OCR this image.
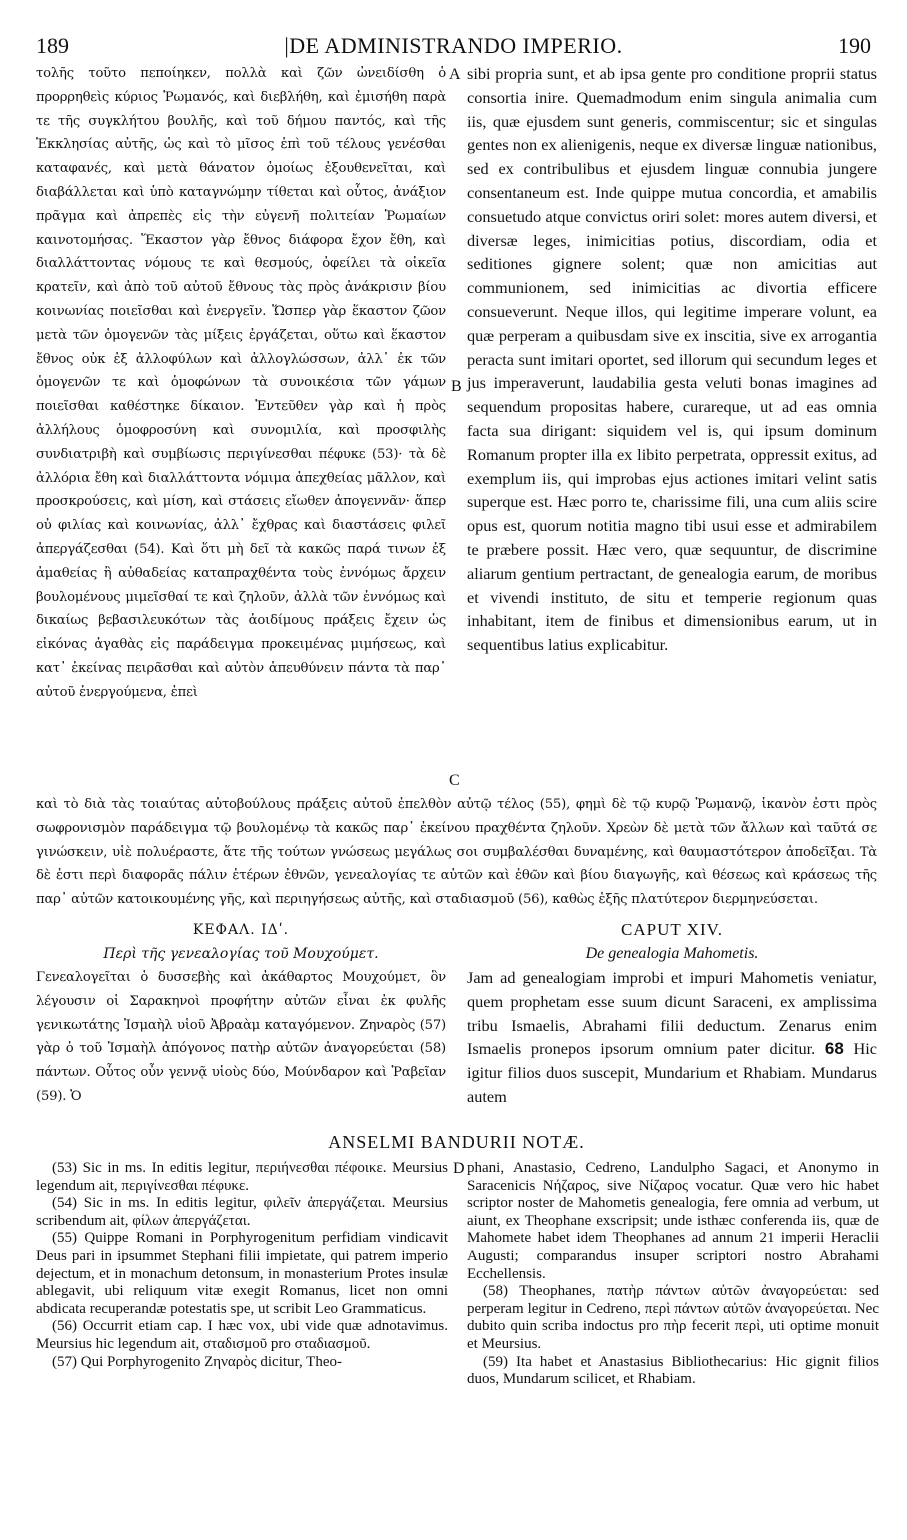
189	|DE ADMINISTRANDO IMPERIO.	190
τολῆς τοῦτο πεποίηκεν, πολλὰ καὶ ζῶν ὠνειδίσθη ὁ προρρηθεὶς κύριος Ῥωμανός, καὶ διεβλήθη, καὶ ἐμισήθη παρὰ τε τῆς συγκλήτου βουλῆς, καὶ τοῦ δήμου παντός, καὶ τῆς Ἐκκλησίας αὐτῆς, ὡς καὶ τὸ μῖσος ἐπὶ τοῦ τέλους γενέσθαι καταφανές, καὶ μετὰ θάνατον ὁμοίως ἐξουθενεῖται, καὶ διαβάλλεται καὶ ὑπὸ καταγνώμην τίθεται καὶ οὗτος, ἀνάξιον πρᾶγμα καὶ ἀπρεπὲς εἰς τὴν εὐγενῆ πολιτείαν Ῥωμαίων καινοτομήσας. Ἕκαστον γὰρ ἔθνος διάφορα ἔχον ἔθη, καὶ διαλλάττοντας νόμους τε καὶ θεσμούς, ὀφείλει τὰ οἰκεῖα κρατεῖν, καὶ ἀπὸ τοῦ αὐτοῦ ἔθνους τὰς πρὸς ἀνάκρισιν βίου κοινωνίας ποιεῖσθαι καὶ ἐνεργεῖν. Ὥσπερ γὰρ ἕκαστον ζῶον μετὰ τῶν ὁμογενῶν τὰς μίξεις ἐργάζεται, οὕτω καὶ ἕκαστον ἔθνος οὐκ ἐξ ἀλλοφύλων καὶ ἀλλογλώσσων, ἀλλ᾽ ἐκ τῶν ὁμογενῶν τε καὶ ὁμοφώνων τὰ συνοικέσια τῶν γάμων ποιεῖσθαι καθέστηκε δίκαιον. Ἐντεῦθεν γὰρ καὶ ἡ πρὸς ἀλλήλους ὁμοφροσύνη καὶ συνομιλία, καὶ προσφιλὴς συνδιατριβὴ καὶ συμβίωσις περιγίνεσθαι πέφυκε (53)· τὰ δὲ ἀλλόρια ἔθη καὶ διαλλάττοντα νόμιμα ἀπεχθείας μᾶλλον, καὶ προσκρούσεις, καὶ μίση, καὶ στάσεις εἴωθεν ἀπογεννᾶν· ἅπερ οὐ φιλίας καὶ κοινωνίας, ἀλλ᾽ ἔχθρας καὶ διαστάσεις φιλεῖ ἀπεργάζεσθαι (54). Καὶ ὅτι μὴ δεῖ τὰ κακῶς παρά τινων ἐξ ἀμαθείας ἢ αὐθαδείας καταπραχθέντα τοὺς ἐννόμως ἄρχειν βουλομένους μιμεῖσθαί τε καὶ ζηλοῦν, ἀλλὰ τῶν ἐννόμως καὶ δικαίως βεβασιλευκότων τὰς ἀοιδίμους πράξεις ἔχειν ὡς εἰκόνας ἀγαθὰς εἰς παράδειγμα προκειμένας μιμήσεως, καὶ κατ᾽ ἐκείνας πειρᾶσθαι καὶ αὐτὸν ἀπευθύνειν πάντα τὰ παρ᾽ αὐτοῦ ἐνεργούμενα, ἐπεὶ
sibi propria sunt, et ab ipsa gente pro conditione proprii status consortia inire. Quemadmodum enim singula animalia cum iis, quæ ejusdem sunt generis, commiscentur; sic et singulas gentes non ex alienigenis, neque ex diversæ linguæ nationibus, sed ex contribulibus et ejusdem linguæ connubia jungere consentaneum est. Inde quippe mutua concordia, et amabilis consuetudo atque convictus oriri solet: mores autem diversi, et diversæ leges, inimicitias potius, discordiam, odia et seditiones gignere solent; quæ non amicitias aut communionem, sed inimicitias ac divortia efficere consueverunt. Neque illos, qui legitime imperare volunt, ea quæ perperam a quibusdam sive ex inscitia, sive ex arrogantia peracta sunt imitari oportet, sed illorum qui secundum leges et jus imperaverunt, laudabilia gesta veluti bonas imagines ad sequendum propositas habere, curareque, ut ad eas omnia facta sua dirigant: siquidem vel is, qui ipsum dominum Romanum propter illa ex libito perpetrata, oppressit exitus, ad exemplum iis, qui improbas ejus actiones imitari velint satis superque est. Hæc porro te, charissime fili, una cum aliis scire opus est, quorum notitia magno tibi usui esse et admirabilem te præbere possit. Hæc vero, quæ sequuntur, de discrimine aliarum gentium pertractant, de genealogia earum, de moribus et vivendi instituto, de situ et temperie regionum quas inhabitant, item de finibus et dimensionibus earum, ut in sequentibus latius explicabitur.
A
B
C
D
καὶ τὸ διὰ τὰς τοιαύτας αὐτοβούλους πράξεις αὐτοῦ ἐπελθὸν αὐτῷ τέλος (55), φημὶ δὲ τῷ κυρῷ Ῥωμανῷ, ἱκανὸν ἐστι πρὸς σωφρονισμὸν παράδειγμα τῷ βουλομένῳ τὰ κακῶς παρ᾽ ἐκείνου πραχθέντα ζηλοῦν. Χρεὼν δὲ μετὰ τῶν ἄλλων καὶ ταῦτά σε γινώσκειν, υἱὲ πολυέραστε, ἅτε τῆς τούτων γνώσεως μεγάλως σοι συμβαλέσθαι δυναμένης, καὶ θαυμαστότερον ἀποδεῖξαι. Τὰ δὲ ἐστι περὶ διαφορᾶς πάλιν ἑτέρων ἐθνῶν, γενεαλογίας τε αὐτῶν καὶ ἐθῶν καὶ βίου διαγωγῆς, καὶ θέσεως καὶ κράσεως τῆς παρ᾽ αὐτῶν κατοικουμένης γῆς, καὶ περιηγήσεως αὐτῆς, καὶ σταδιασμοῦ (56), καθὼς ἑξῆς πλατύτερον διερμηνεύσεται.
ΚΕΦΑΛ. ΙΔʹ.
Περὶ τῆς γενεαλογίας τοῦ Μουχούμετ.
Γενεαλογεῖται ὁ δυσσεβὴς καὶ ἀκάθαρτος Μουχούμετ, ὃν λέγουσιν οἱ Σαρακηνοὶ προφήτην αὐτῶν εἶναι ἐκ φυλῆς γενικωτάτης Ἰσμαὴλ υἱοῦ Ἀβραὰμ καταγόμενον. Ζηναρὸς (57) γὰρ ὁ τοῦ Ἰσμαὴλ ἀπόγονος πατὴρ αὐτῶν ἀναγορεύεται (58) πάντων. Οὗτος οὖν γεννᾷ υἱοὺς δύο, Μούνδαρον καὶ Ῥαβεῖαν (59). Ὁ
CAPUT XIV.
De genealogia Mahometis.
Jam ad genealogiam improbi et impuri Mahometis veniatur, quem prophetam esse suum dicunt Saraceni, ex amplissima tribu Ismaelis, Abrahami filii deductum. Zenarus enim Ismaelis pronepos ipsorum omnium pater dicitur. 68 Hic igitur filios duos suscepit, Mundarium et Rhabiam. Mundarus autem
ANSELMI BANDURII NOTÆ.

(53) Sic in ms. In editis legitur, περιήνεσθαι πέφοικε. Meursius legendum ait, περιγίνεσθαι πέφυκε.

(54) Sic in ms. In editis legitur, φιλεῖν ἀπεργάζεται. Meursius scribendum ait, φίλων ἀπεργάζεται.

(55) Quippe Romani in Porphyrogenitum perfidiam vindicavit Deus pari in ipsummet Stephani filii impietate, qui patrem imperio dejectum, et in monachum detonsum, in monasterium Protes insulæ ablegavit, ubi reliquum vitæ exegit Romanus, licet non omni abdicata recuperandæ potestatis spe, ut scribit Leo Grammaticus.

(56) Occurrit etiam cap. I hæc vox, ubi vide quæ adnotavimus. Meursius hic legendum ait, σταδισμοῦ pro σταδιασμοῦ.

(57) Qui Porphyrogenito Ζηναρὸς dicitur, Theo-

phani, Anastasio, Cedreno, Landulpho Sagaci, et Anonymo in Saracenicis Νήζαρος, sive Νίζαρος vocatur. Quæ vero hic habet scriptor noster de Mahometis genealogia, fere omnia ad verbum, ut aiunt, ex Theophane exscripsit; unde isthæc conferenda iis, quæ de Mahomete habet idem Theophanes ad annum 21 imperii Heraclii Augusti; comparandus insuper scriptori nostro Abrahami Ecchellensis.

(58) Theophanes, πατὴρ πάντων αὐτῶν ἀναγορεύεται: sed perperam legitur in Cedreno, περὶ πάντων αὐτῶν ἀναγορεύεται. Nec dubito quin scriba indoctus pro πὴρ fecerit περὶ, uti optime monuit et Meursius.

(59) Ita habet et Anastasius Bibliothecarius: Hic gignit filios duos, Mundarum scilicet, et Rhabiam.
